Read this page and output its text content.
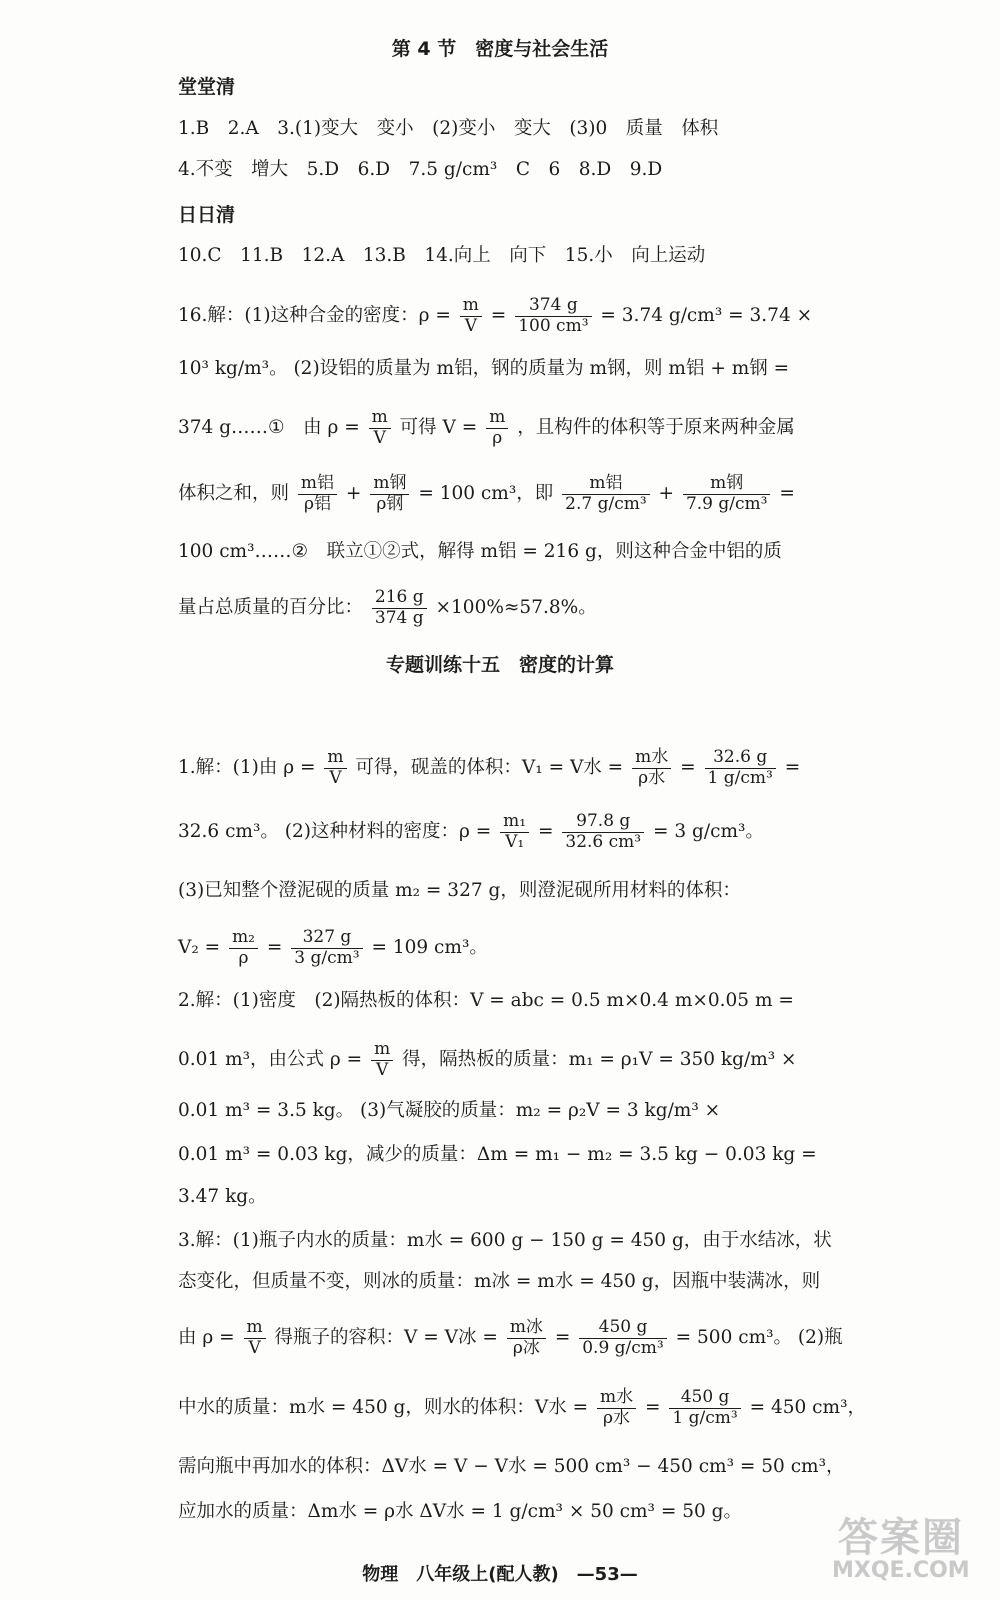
第 4 节　密度与社会生活
堂堂清
1.B　2.A　3.(1)变大　变小　(2)变小　变大　(3)0　质量　体积
4.不变　增大　5.D　6.D　7.5 g/cm³　C　6　8.D　9.D
日日清
10.C　11.B　12.A　13.B　14.向上　向下　15.小　向上运动
16.解：(1)这种合金的密度：$\rho = \frac{m}{V} = \frac{374 g}{\text{100 cm³}} = 3.74$ g/cm³ = 3.74 ×
10³ kg/m³。 (2)设铝的质量为 m铝，钢的质量为 m钢，则 m铝 + m钢 =
374 g……①　由 $\rho = \frac{m}{V}$ 可得 $V = \frac{m}{\rho}$ ，且构件的体积等于原来两种金属
体积之和，则 $\frac{\text{m铝}}{\text{ρ铝}} + \frac{\text{m钢}}{\text{ρ钢}} = 100$ cm³，即 $\frac{\text{m铝}}{\text{2.7 g/cm³}} + \frac{\text{m钢}}{\text{7.9 g/cm³}}$ =
100 cm³……②　联立①②式，解得 m铝 = 216 g，则这种合金中铝的质
量占总质量的百分比： $\frac{216 g}{374 g} \times 100\%\approx 57.8\%$。
专题训练十五　密度的计算
1.解：(1)由 $\rho = \frac{m}{V}$ 可得，砚盖的体积：V₁ = V水 = $\frac{\text{m水}}{\text{ρ水}} = \frac{32.6 g}{\text{1 g/cm³}}$ =
32.6 cm³。 (2)这种材料的密度：$\rho = \frac{\text{m₁}}{\text{V₁}} = \frac{97.8 g}{\text{32.6 cm³}} = 3$ g/cm³。
(3)已知整个澄泥砚的质量 m₂ = 327 g，则澄泥砚所用材料的体积：
$V_2 = \frac{\text{m₂}}{\rho} = \frac{327 g}{\text{3 g/cm³}} = 109$ cm³。
2.解：(1)密度　(2)隔热板的体积：V = abc = 0.5 m×0.4 m×0.05 m =
0.01 m³，由公式 $\rho = \frac{m}{V}$ 得，隔热板的质量：m₁ = ρ₁V = 350 kg/m³ ×
0.01 m³ = 3.5 kg。 (3)气凝胶的质量：m₂ = ρ₂V = 3 kg/m³ ×
0.01 m³ = 0.03 kg，减少的质量：Δm = m₁ − m₂ = 3.5 kg − 0.03 kg =
3.47 kg。
3.解：(1)瓶子内水的质量：m水 = 600 g − 150 g = 450 g，由于水结冰，状
态变化，但质量不变，则冰的质量：m冰 = m水 = 450 g，因瓶中装满冰，则
由 $\rho = \frac{m}{V}$ 得瓶子的容积：V = V冰 = $\frac{\text{m冰}}{\text{ρ冰}} = \frac{450 g}{\text{0.9 g/cm³}} = 500$ cm³。 (2)瓶
中水的质量：m水 = 450 g，则水的体积：V水 = $\frac{\text{m水}}{\text{ρ水}} = \frac{450 g}{\text{1 g/cm³}} = 450$ cm³，
需向瓶中再加水的体积：ΔV水 = V − V水 = 500 cm³ − 450 cm³ = 50 cm³，
应加水的质量：Δm水 = ρ水 ΔV水 = 1 g/cm³ × 50 cm³ = 50 g。
物理　八年级上(配人教)　—53—
答案圈
MXQE.COM
